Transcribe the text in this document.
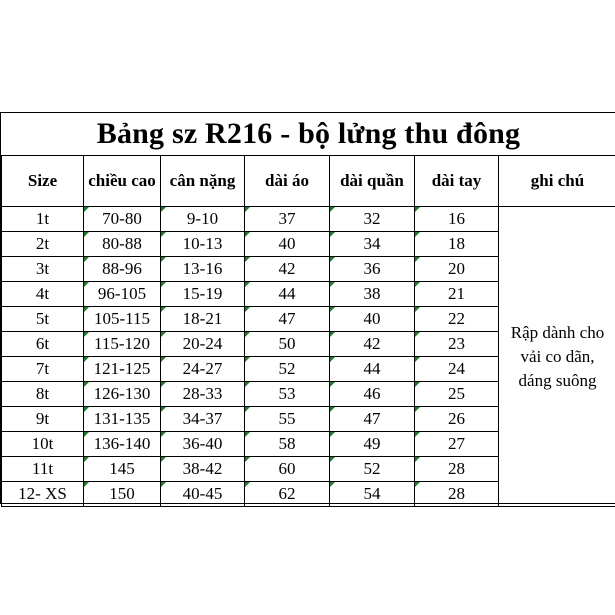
Bảng sz R216 - bộ lửng thu đông
Size	chiều cao	cân nặng	dài áo	dài quần	dài tay	ghi chú
1t	70-80	9-10	37	32	16	Rập dành cho vải co dãn, dáng suông
2t	80-88	10-13	40	34	18	
3t	88-96	13-16	42	36	20	
4t	96-105	15-19	44	38	21	
5t	105-115	18-21	47	40	22	
6t	115-120	20-24	50	42	23	
7t	121-125	24-27	52	44	24	
8t	126-130	28-33	53	46	25	
9t	131-135	34-37	55	47	26	
10t	136-140	36-40	58	49	27	
11t	145	38-42	60	52	28	
12- XS	150	40-45	62	54	28	
